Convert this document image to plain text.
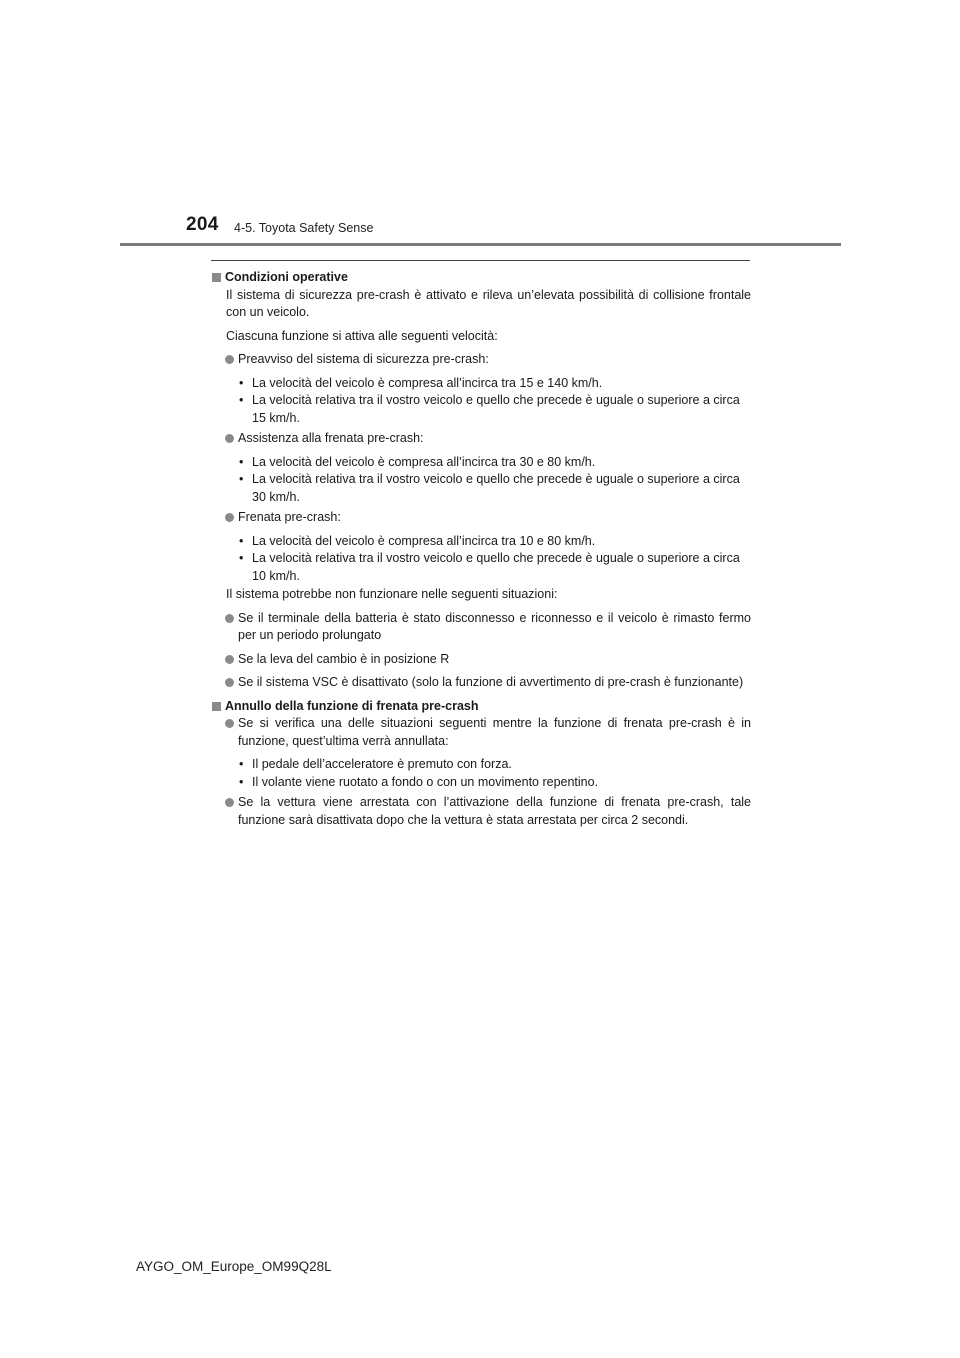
204 4-5. Toyota Safety Sense

Condizioni operative

Il sistema di sicurezza pre-crash è attivato e rileva un’elevata possibilità di collisione frontale con un veicolo.

Ciascuna funzione si attiva alle seguenti velocità:

Preavviso del sistema di sicurezza pre-crash:

• La velocità del veicolo è compresa all’incirca tra 15 e 140 km/h.
• La velocità relativa tra il vostro veicolo e quello che precede è uguale o superiore a circa 15 km/h.

Assistenza alla frenata pre-crash:

• La velocità del veicolo è compresa all’incirca tra 30 e 80 km/h.
• La velocità relativa tra il vostro veicolo e quello che precede è uguale o superiore a circa 30 km/h.

Frenata pre-crash:

• La velocità del veicolo è compresa all’incirca tra 10 e 80 km/h.
• La velocità relativa tra il vostro veicolo e quello che precede è uguale o superiore a circa 10 km/h.

Il sistema potrebbe non funzionare nelle seguenti situazioni:

Se il terminale della batteria è stato disconnesso e riconnesso e il veicolo è rimasto fermo per un periodo prolungato

Se la leva del cambio è in posizione R

Se il sistema VSC è disattivato (solo la funzione di avvertimento di pre-crash è funzionante)

Annullo della funzione di frenata pre-crash

Se si verifica una delle situazioni seguenti mentre la funzione di frenata pre-crash è in funzione, quest’ultima verrà annullata:

• Il pedale dell’acceleratore è premuto con forza.
• Il volante viene ruotato a fondo o con un movimento repentino.

Se la vettura viene arrestata con l’attivazione della funzione di frenata pre-crash, tale funzione sarà disattivata dopo che la vettura è stata arrestata per circa 2 secondi.

AYGO_OM_Europe_OM99Q28L
